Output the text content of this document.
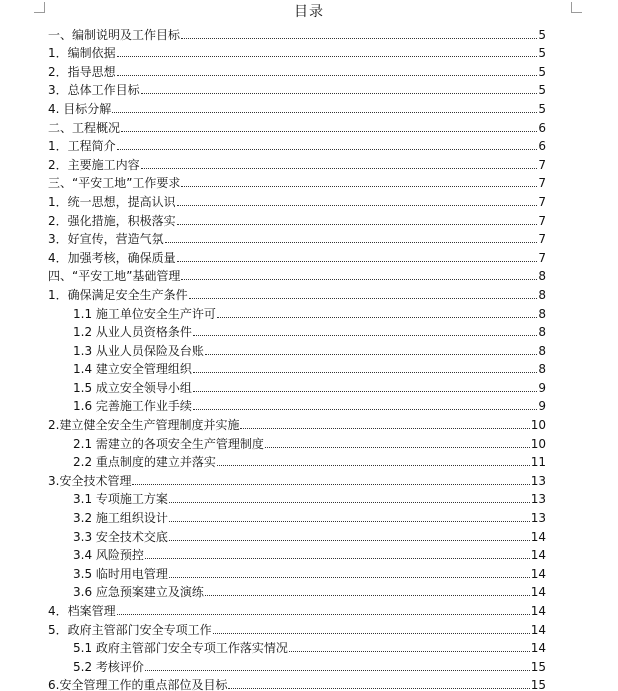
目录
一、编制说明及工作目标	5
1．编制依据	5
2．指导思想	5
3．总体工作目标	5
4. 目标分解	5
二、工程概况	6
1．工程简介	6
2．主要施工内容	7
三、“平安工地”工作要求	7
1．统一思想，提高认识	7
2．强化措施，积极落实	7
3．好宣传，营造气氛	7
4．加强考核，确保质量	7
四、“平安工地”基础管理	8
1．确保满足安全生产条件	8
1.1 施工单位安全生产许可	8
1.2 从业人员资格条件	8
1.3 从业人员保险及台账	8
1.4 建立安全管理组织	8
1.5 成立安全领导小组	9
1.6 完善施工作业手续	9
2.建立健全安全生产管理制度并实施	10
2.1 需建立的各项安全生产管理制度	10
2.2 重点制度的建立并落实	11
3.安全技术管理	13
3.1 专项施工方案	13
3.2 施工组织设计	13
3.3 安全技术交底	14
3.4 风险预控	14
3.5 临时用电管理	14
3.6 应急预案建立及演练	14
4．档案管理	14
5．政府主管部门安全专项工作	14
5.1 政府主管部门安全专项工作落实情况	14
5.2 考核评价	15
6.安全管理工作的重点部位及目标	15
